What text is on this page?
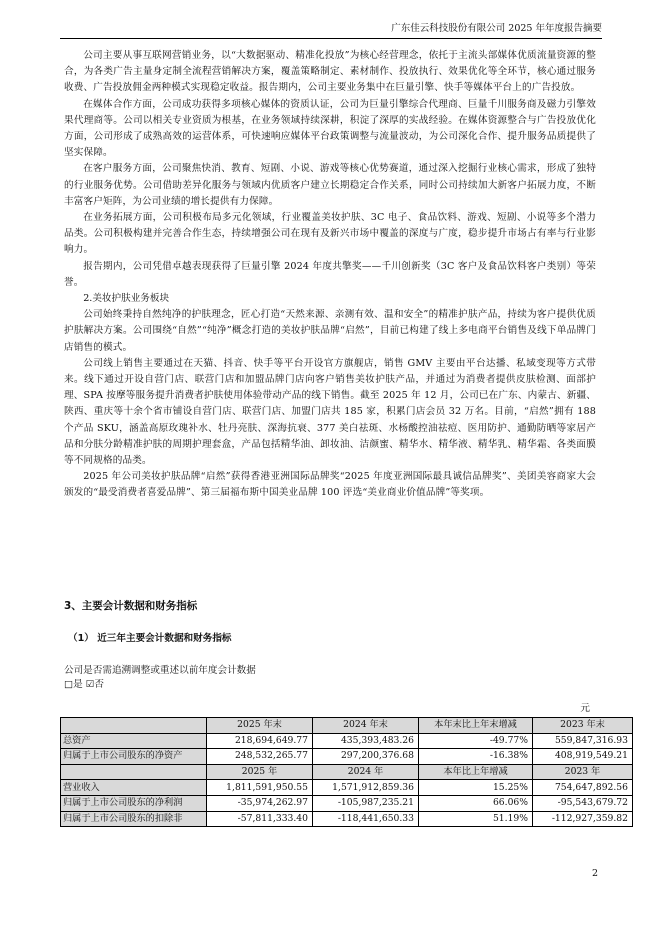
广东佳云科技股份有限公司 2025 年年度报告摘要

公司主要从事互联网营销业务，以“大数据驱动、精准化投放”为核心经营理念，依托于主流头部媒体优质流量资源的整合，为各类广告主量身定制全流程营销解决方案，覆盖策略制定、素材制作、投放执行、效果优化等全环节，核心通过服务收费、广告投放佣金两种模式实现稳定收益。报告期内，公司主要业务集中在巨量引擎、快手等媒体平台上的广告投放。

在媒体合作方面，公司成功获得多项核心媒体的资质认证，公司为巨量引擎综合代理商、巨量千川服务商及磁力引擎效果代理商等。公司以相关专业资质为根基，在业务领域持续深耕，积淀了深厚的实战经验。在媒体资源整合与广告投放优化方面，公司形成了成熟高效的运营体系，可快速响应媒体平台政策调整与流量波动，为公司深化合作、提升服务品质提供了坚实保障。

在客户服务方面，公司聚焦快消、教育、短剧、小说、游戏等核心优势赛道，通过深入挖掘行业核心需求，形成了独特的行业服务优势。公司借助差异化服务与领域内优质客户建立长期稳定合作关系，同时公司持续加大新客户拓展力度，不断丰富客户矩阵，为公司业绩的增长提供有力保障。

在业务拓展方面，公司积极布局多元化领域，行业覆盖美妆护肤、3C 电子、食品饮料、游戏、短剧、小说等多个潜力品类。公司积极构建并完善合作生态，持续增强公司在现有及新兴市场中覆盖的深度与广度，稳步提升市场占有率与行业影响力。

报告期内，公司凭借卓越表现获得了巨量引擎 2024 年度共擎奖——千川创新奖（3C 客户及食品饮料客户类别）等荣誉。

2.美妆护肤业务板块

公司始终秉持自然纯净的护肤理念，匠心打造“天然来源、亲测有效、温和安全”的精准护肤产品，持续为客户提供优质护肤解决方案。公司围绕“自然”“纯净”概念打造的美妆护肤品牌“启然”，目前已构建了线上多电商平台销售及线下单品牌门店销售的模式。

公司线上销售主要通过在天猫、抖音、快手等平台开设官方旗舰店，销售 GMV 主要由平台达播、私域变现等方式带来。线下通过开设自营门店、联营门店和加盟品牌门店向客户销售美妆护肤产品，并通过为消费者提供皮肤检测、面部护理、SPA 按摩等服务提升消费者护肤使用体验带动产品的线下销售。截至 2025 年 12 月，公司已在广东、内蒙古、新疆、陕西、重庆等十余个省市铺设自营门店、联营门店、加盟门店共 185 家，积累门店会员 32 万名。目前，“启然”拥有 188 个产品 SKU，涵盖高原玫瑰补水、牡丹亮肤、深海抗衰、377 美白祛斑、水杨酸控油祛痘、医用防护、通勤防晒等家居产品和分肤分龄精准护肤的周期护理套盒，产品包括精华油、卸妆油、洁颜蜜、精华水、精华液、精华乳、精华霜、各类面膜等不同规格的品类。

2025 年公司美妆护肤品牌“启然”获得香港亚洲国际品牌奖“2025 年度亚洲国际最具诚信品牌奖”、美团美容商家大会颁发的“最受消费者喜爱品牌”、第三届福布斯中国美业品牌 100 评选“美业商业价值品牌”等奖项。

3、主要会计数据和财务指标
（1） 近三年主要会计数据和财务指标
公司是否需追溯调整或重述以前年度会计数据
□是 ☑否
元
	2025 年末	2024 年末	本年末比上年末增减	2023 年末
总资产	218,694,649.77	435,393,483.26	-49.77%	559,847,316.93
归属于上市公司股东的净资产	248,532,265.77	297,200,376.68	-16.38%	408,919,549.21
	2025 年	2024 年	本年比上年增减	2023 年
营业收入	1,811,591,950.55	1,571,912,859.36	15.25%	754,647,892.56
归属于上市公司股东的净利润	-35,974,262.97	-105,987,235.21	66.06%	-95,543,679.72
归属于上市公司股东的扣除非	-57,811,333.40	-118,441,650.33	51.19%	-112,927,359.82
2
